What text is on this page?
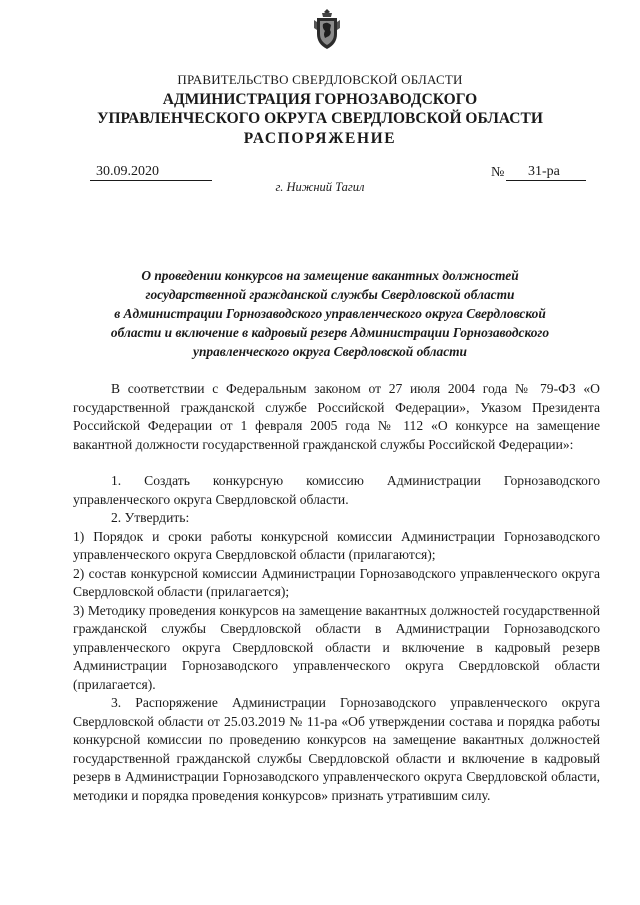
ПРАВИТЕЛЬСТВО СВЕРДЛОВСКОЙ ОБЛАСТИ
АДМИНИСТРАЦИЯ ГОРНОЗАВОДСКОГО
УПРАВЛЕНЧЕСКОГО ОКРУГА СВЕРДЛОВСКОЙ ОБЛАСТИ
РАСПОРЯЖЕНИЕ
30.09.2020	№	31-ра
г. Нижний Тагил
О проведении конкурсов на замещение вакантных должностей
государственной гражданской службы Свердловской области
в Администрации Горнозаводского управленческого округа Свердловской
области и включение в кадровый резерв Администрации Горнозаводского
управленческого округа Свердловской области

В соответствии с Федеральным законом от 27 июля 2004 года № 79-ФЗ «О государственной гражданской службе Российской Федерации», Указом Президента Российской Федерации от 1 февраля 2005 года № 112 «О конкурсе на замещение вакантной должности государственной гражданской службы Российской Федерации»:

1. Создать конкурсную комиссию Администрации Горнозаводского управленческого округа Свердловской области.

2. Утвердить:

1) Порядок и сроки работы конкурсной комиссии Администрации Горнозаводского управленческого округа Свердловской области (прилагаются);

2) состав конкурсной комиссии Администрации Горнозаводского управленческого округа Свердловской области (прилагается);

3) Методику проведения конкурсов на замещение вакантных должностей государственной гражданской службы Свердловской области в Администрации Горнозаводского управленческого округа Свердловской области и включение в кадровый резерв Администрации Горнозаводского управленческого округа Свердловской области (прилагается).

3. Распоряжение Администрации Горнозаводского управленческого округа Свердловской области от 25.03.2019 № 11-ра «Об утверждении состава и порядка работы конкурсной комиссии по проведению конкурсов на замещение вакантных должностей государственной гражданской службы Свердловской области и включение в кадровый резерв в Администрации Горнозаводского управленческого округа Свердловской области, методики и порядка проведения конкурсов» признать утратившим силу.
